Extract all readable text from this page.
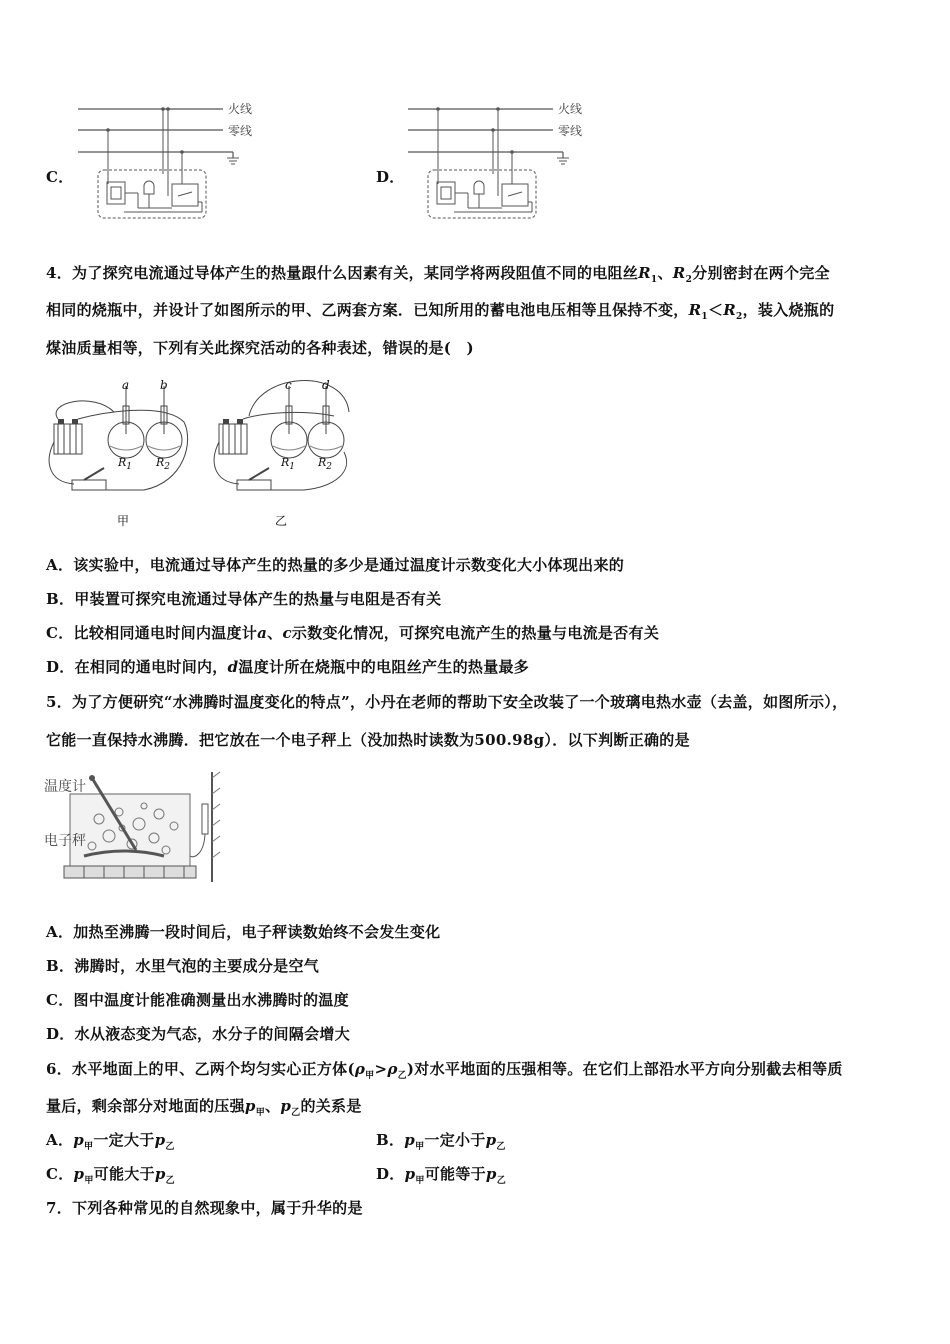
C．	D．
火线
零线
火线
零线
4．为了探究电流通过导体产生的热量跟什么因素有关，某同学将两段阻值不同的电阻丝$R_1$、$R_2$分别密封在两个完全
相同的烧瓶中，并设计了如图所示的甲、乙两套方案．已知所用的蓄电池电压相等且保持不变，$R_1<R_2$，装入烧瓶的
煤油质量相等，下列有关此探究活动的各种表述，错误的是(　)
a	b	c	d
$R_1$ $R_2$	$R_1$ $R_2$
甲	乙
A．该实验中，电流通过导体产生的热量的多少是通过温度计示数变化大小体现出来的
B．甲装置可探究电流通过导体产生的热量与电阻是否有关
C．比较相同通电时间内温度计a、c示数变化情况，可探究电流产生的热量与电流是否有关
D．在相同的通电时间内，d温度计所在烧瓶中的电阻丝产生的热量最多
5．为了方便研究“水沸腾时温度变化的特点”，小丹在老师的帮助下安全改装了一个玻璃电热水壶（去盖，如图所示），
它能一直保持水沸腾．把它放在一个电子秤上（没加热时读数为500.98g）．以下判断正确的是
温度计
电子秤
A．加热至沸腾一段时间后，电子秤读数始终不会发生变化
B．沸腾时，水里气泡的主要成分是空气
C．图中温度计能准确测量出水沸腾时的温度
D．水从液态变为气态，水分子的间隔会增大
6．水平地面上的甲、乙两个均匀实心正方体$(\rho_甲>\rho_乙)$对水平地面的压强相等。在它们上部沿水平方向分别截去相等质
量后，剩余部分对地面的压强$p_甲$、$p_乙$的关系是
A．$p_甲$一定大于$p_乙$	B．$p_甲$一定小于$p_乙$
C．$p_甲$可能大于$p_乙$	D．$p_甲$可能等于$p_乙$
7．下列各种常见的自然现象中，属于升华的是
